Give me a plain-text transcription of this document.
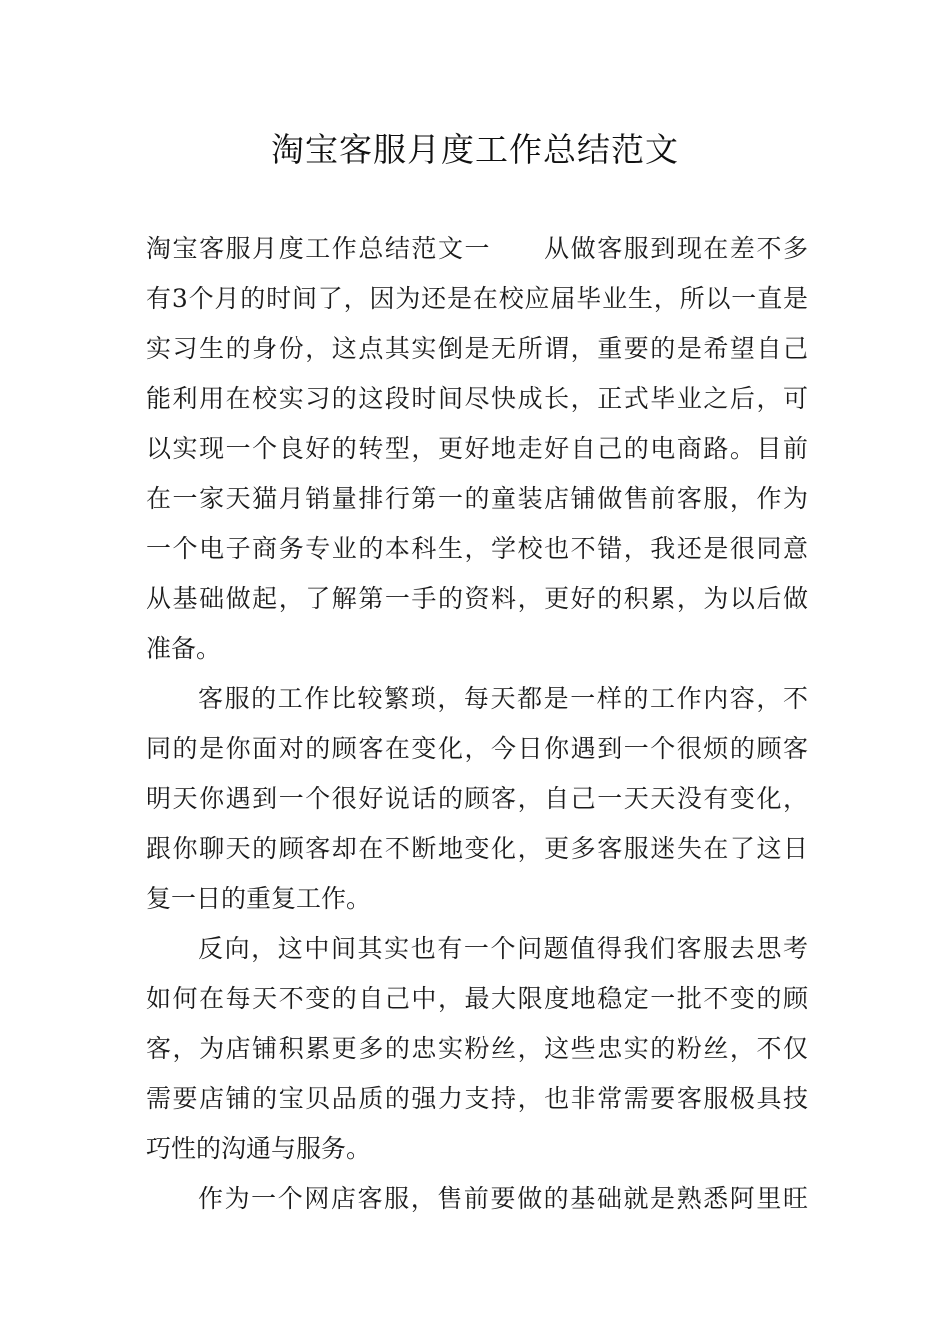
淘宝客服月度工作总结范文
淘宝客服月度工作总结范文一　　从做客服到现在差不多
有3个月的时间了，因为还是在校应届毕业生，所以一直是
实习生的身份，这点其实倒是无所谓，重要的是希望自己
能利用在校实习的这段时间尽快成长，正式毕业之后，可
以实现一个良好的转型，更好地走好自己的电商路。目前
在一家天猫月销量排行第一的童装店铺做售前客服，作为
一个电子商务专业的本科生，学校也不错，我还是很同意
从基础做起，了解第一手的资料，更好的积累，为以后做
准备。
客服的工作比较繁琐，每天都是一样的工作内容，不
同的是你面对的顾客在变化，今日你遇到一个很烦的顾客
明天你遇到一个很好说话的顾客，自己一天天没有变化，
跟你聊天的顾客却在不断地变化，更多客服迷失在了这日
复一日的重复工作。
反向，这中间其实也有一个问题值得我们客服去思考
如何在每天不变的自己中，最大限度地稳定一批不变的顾
客，为店铺积累更多的忠实粉丝，这些忠实的粉丝，不仅
需要店铺的宝贝品质的强力支持，也非常需要客服极具技
巧性的沟通与服务。
作为一个网店客服，售前要做的基础就是熟悉阿里旺
